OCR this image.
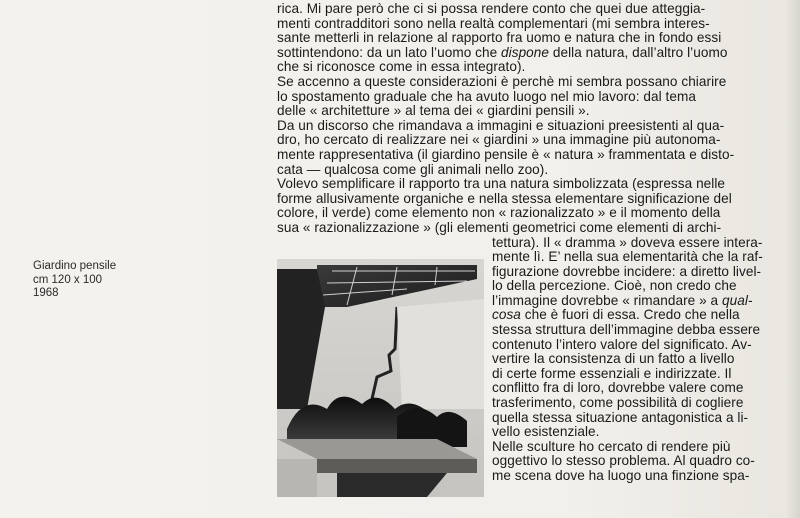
Giardino pensile
cm 120 x 100
1968
rica. Mi pare però che ci si possa rendere conto che quei due atteggia-
menti contradditori sono nella realtà complementari (mi sembra interes-
sante metterli in relazione al rapporto fra uomo e natura che in fondo essi
sottintendono: da un lato l’uomo che dispone della natura, dall’altro l’uomo
che si riconosce come in essa integrato).
Se accenno a queste considerazioni è perchè mi sembra possano chiarire
lo spostamento graduale che ha avuto luogo nel mio lavoro: dal tema
delle « architetture » al tema dei « giardini pensili ».
Da un discorso che rimandava a immagini e situazioni preesistenti al qua-
dro, ho cercato di realizzare nei « giardini » una immagine più autonoma-
mente rappresentativa (il giardino pensile è « natura » frammentata e disto-
cata — qualcosa come gli animali nello zoo).
Volevo semplificare il rapporto tra una natura simbolizzata (espressa nelle
forme allusivamente organiche e nella stessa elementare significazione del
colore, il verde) come elemento non « razionalizzato » e il momento della
sua « razionalizzazione » (gli elementi geometrici come elementi di archi-
tettura). Il « dramma » doveva essere intera-
mente lì. E’ nella sua elementarità che la raf-
figurazione dovrebbe incidere: a diretto livel-
lo della percezione. Cioè, non credo che
l’immagine dovrebbe « rimandare » a qual-
cosa che è fuori di essa. Credo che nella
stessa struttura dell’immagine debba essere
contenuto l’intero valore del significato. Av-
vertire la consistenza di un fatto a livello
di certe forme essenziali e indirizzate. Il
conflitto fra di loro, dovrebbe valere come
trasferimento, come possibilità di cogliere
quella stessa situazione antagonistica a li-
vello esistenziale.
Nelle sculture ho cercato di rendere più
oggettivo lo stesso problema. Al quadro co-
me scena dove ha luogo una finzione spa-
